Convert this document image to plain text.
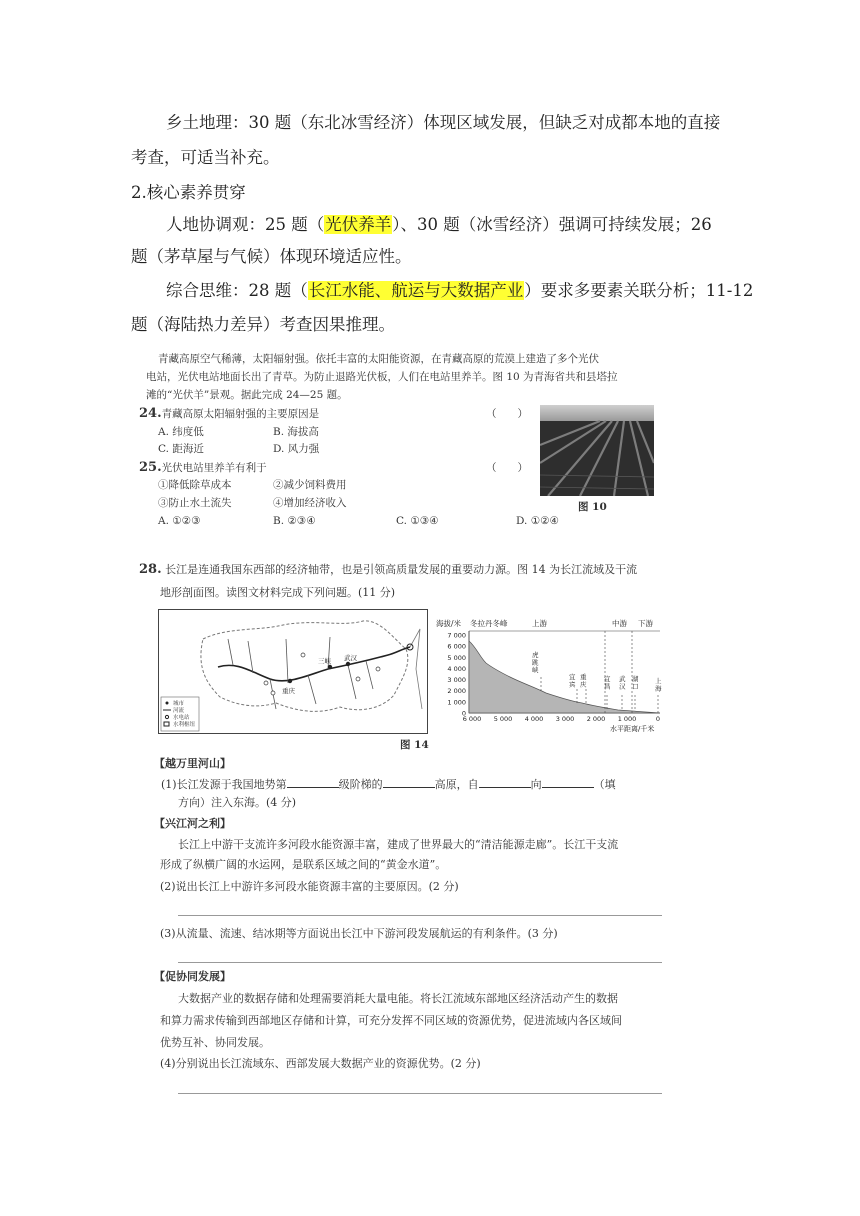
乡土地理：30 题（东北冰雪经济）体现区域发展，但缺乏对成都本地的直接
考查，可适当补充。
2.核心素养贯穿
人地协调观：25 题（光伏养羊）、30 题（冰雪经济）强调可持续发展；26
题（茅草屋与气候）体现环境适应性。
综合思维：28 题（长江水能、航运与大数据产业）要求多要素关联分析；11-12
题（海陆热力差异）考查因果推理。
青藏高原空气稀薄，太阳辐射强。依托丰富的太阳能资源，在青藏高原的荒漠上建造了多个光伏
电站，光伏电站地面长出了青草。为防止退路光伏板，人们在电站里养羊。图 10 为青海省共和县塔拉
滩的“光伏羊”景观。据此完成 24—25 题。
24.青藏高原太阳辐射强的主要原因是	（　　）
A. 纬度低	B. 海拔高
C. 距海近	D. 风力强
25.光伏电站里养羊有利于	（　　）
①降低除草成本	②减少饲料费用
③防止水土流失	④增加经济收入
A. ①②③	B. ②③④	C. ①③④	D. ①②④
图 10
28. 长江是连通我国东西部的经济轴带，也是引领高质量发展的重要动力源。图 14 为长江流域及干流
地形剖面图。读图文材料完成下列问题。(11 分)
城市
河流
水电站
水利枢纽
三峡 武汉
重庆
海拔/米 冬拉丹冬峰	上游	中游 下游
7 000
6 000
5 000
4 000
3 000
2 000
1 000
0
6 000 5 000 4 000 3 000 2 000 1 000	0
虎跳峡
宜宾
重庆
宜昌
武汉
湖口
上海
水平距离/千米
图 14
【越万里河山】
(1)长江发源于我国地势第	级阶梯的	高原，自	向	（填
方向）注入东海。(4 分)
【兴江河之利】
长江上中游干支流许多河段水能资源丰富，建成了世界最大的“清洁能源走廊”。长江干支流
形成了纵横广阔的水运网，是联系区域之间的“黄金水道”。
(2)说出长江上中游许多河段水能资源丰富的主要原因。(2 分)
(3)从流量、流速、结冰期等方面说出长江中下游河段发展航运的有利条件。(3 分)
【促协同发展】
大数据产业的数据存储和处理需要消耗大量电能。将长江流域东部地区经济活动产生的数据
和算力需求传输到西部地区存储和计算，可充分发挥不同区域的资源优势，促进流域内各区域间
优势互补、协同发展。
(4)分别说出长江流域东、西部发展大数据产业的资源优势。(2 分)
